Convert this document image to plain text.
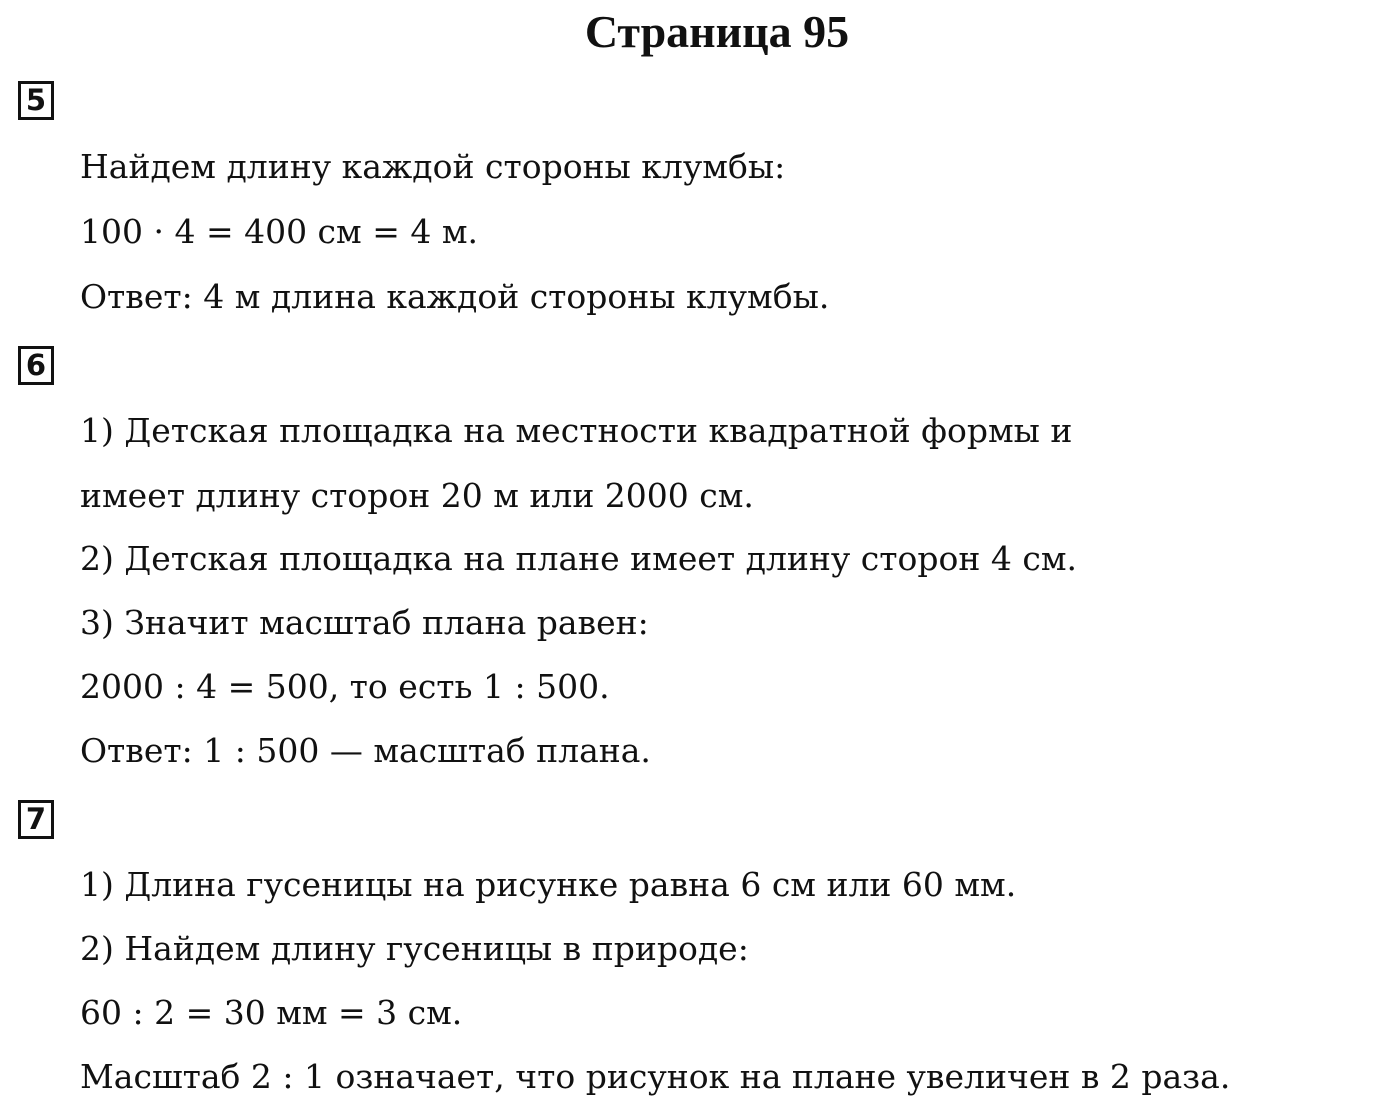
Страница 95
5

Найдем длину каждой стороны клумбы:

100 · 4 = 400 см = 4 м.

Ответ: 4 м длина каждой стороны клумбы.

6

1) Детская площадка на местности квадратной формы и

имеет длину сторон 20 м или 2000 см.

2) Детская площадка на плане имеет длину сторон 4 см.

3) Значит масштаб плана равен:

2000 : 4 = 500, то есть 1 : 500.

Ответ: 1 : 500 — масштаб плана.

7

1) Длина гусеницы на рисунке равна 6 см или 60 мм.

2) Найдем длину гусеницы в природе:

60 : 2 = 30 мм = 3 см.

Масштаб 2 : 1 означает, что рисунок на плане увеличен в 2 раза.
